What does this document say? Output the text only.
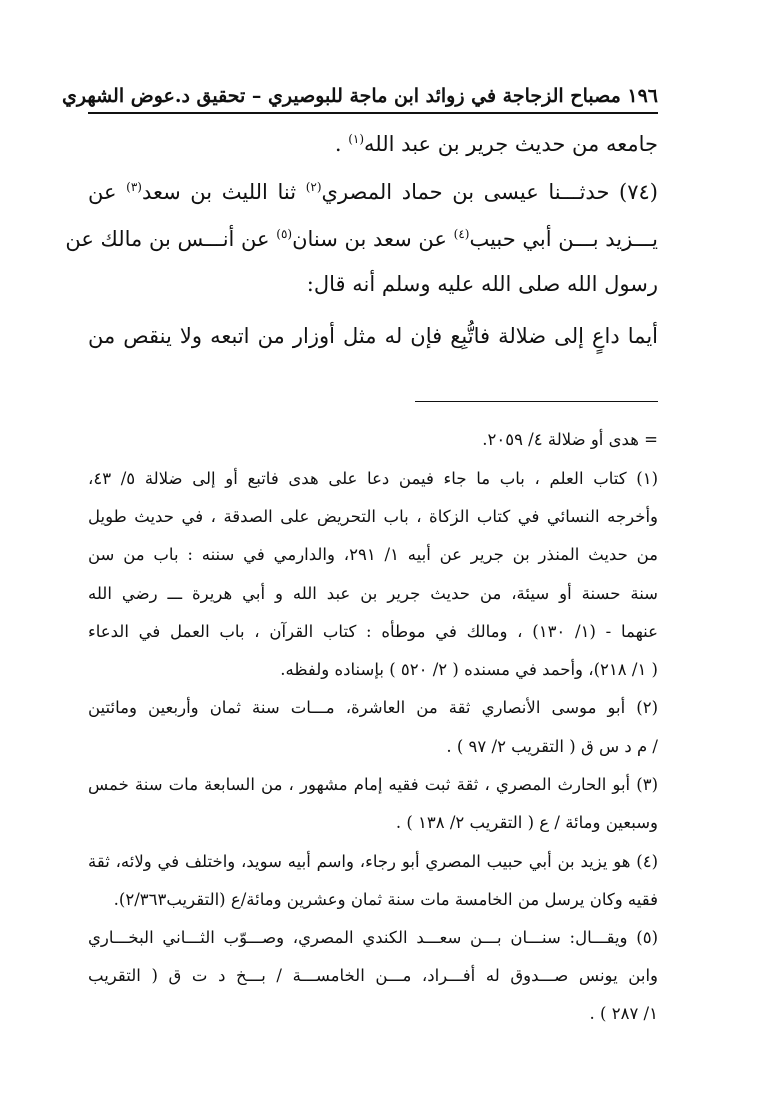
١٩٦ مصباح الزجاجة في زوائد ابن ماجة للبوصيري – تحقيق د.عوض الشهري
جامعه من حديث جرير بن عبد الله$^{(١)}$ .
(٧٤) حدثـــنا عيسى بن حماد المصري$^{(٢)}$ ثنا الليث بن سعد$^{(٣)}$ عن
يـــزيد بـــن أبي حبيب$^{(٤)}$ عن سعد بن سنان$^{(٥)}$ عن أنـــس بن مالك عن
رسول الله صلى الله عليه وسلم أنه قال:
أيما داعٍ إلى ضلالة فاتُّبِع فإن له مثل أوزار من اتبعه ولا ينقص من
= هدى أو ضلالة ٤/ ٢٠٥٩.
(١) كتاب العلم ، باب ما جاء فيمن دعا على هدى فاتبع أو إلى ضلالة ٥/ ٤٣،
وأخرجه النسائي في كتاب الزكاة ، باب التحريض على الصدقة ، في حديث طويل
من حديث المنذر بن جرير عن أبيه ١/ ٢٩١، والدارمي في سننه : باب من سن
سنة حسنة أو سيئة، من حديث جرير بن عبد الله و أبي هريرة ـــ رضي الله
عنهما - (١/ ١٣٠) ، ومالك في موطأه : كتاب القرآن ، باب العمل في الدعاء
( ١/ ٢١٨)، وأحمد في مسنده ( ٢/ ٥٢٠ ) بإسناده ولفظه.
(٢) أبو موسى الأنصاري ثقة من العاشرة، مـــات سنة ثمان وأربعين ومائتين
/ م د س ق ( التقريب ٢/ ٩٧ ) .
(٣) أبو الحارث المصري ، ثقة ثبت فقيه إمام مشهور ، من السابعة مات سنة خمس
وسبعين ومائة / ع ( التقريب ٢/ ١٣٨ ) .
(٤) هو يزيد بن أبي حبيب المصري أبو رجاء، واسم أبيه سويد، واختلف في ولائه، ثقة
فقيه وكان يرسل من الخامسة مات سنة ثمان وعشرين ومائة/ع (التقريب٢/٣٦٣).
(٥) ويقـــال: سنـــان بـــن سعـــد الكندي المصري، وصـــوّب الثـــاني البخـــاري
وابن يونس صـــدوق له أفـــراد، مـــن الخامســـة / بـــخ د ت ق ( التقريب
١/ ٢٨٧ ) .
